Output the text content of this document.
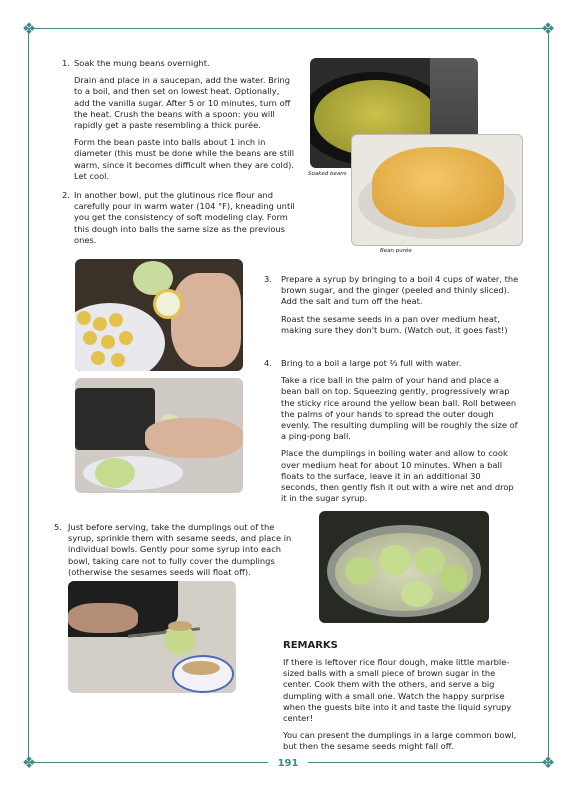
❖	❖
❖	❖
1. Soak the mung beans overnight.

Drain and place in a saucepan, add the water. Bring to a boil, and then set on lowest heat. Optionally, add the vanilla sugar. After 5 or 10 minutes, turn off the heat. Crush the beans with a spoon: you will rapidly get a paste resembling a thick purée.

Form the bean paste into balls about 1 inch in diameter (this must be done while the beans are still warm, since it becomes difficult when they are cold). Let cool.

2. In another bowl, put the glutinous rice flour and carefully pour in warm water (104 °F), kneading until you get the consistency of soft modeling clay. Form this dough into balls the same size as the previous ones.

Soaked beans
Bean purée
3. Prepare a syrup by bringing to a boil 4 cups of water, the brown sugar, and the ginger (peeled and thinly sliced). Add the salt and turn off the heat.

Roast the sesame seeds in a pan over medium heat, making sure they don't burn. (Watch out, it goes fast!)

4. Bring to a boil a large pot ⅔ full with water.

Take a rice ball in the palm of your hand and place a bean ball on top. Squeezing gently, progressively wrap the sticky rice around the yellow bean ball. Roll between the palms of your hands to spread the outer dough evenly. The resulting dumpling will be roughly the size of a ping-pong ball.

Place the dumplings in boiling water and allow to cook over medium heat for about 10 minutes. When a ball floats to the surface, leave it in an additional 30 seconds, then gently fish it out with a wire net and drop it in the sugar syrup.

5. Just before serving, take the dumplings out of the syrup, sprinkle them with sesame seeds, and place in individual bowls. Gently pour some syrup into each bowl, taking care not to fully cover the dumplings (otherwise the sesames seeds will float off).

REMARKS

If there is leftover rice flour dough, make little marble-sized balls with a small piece of brown sugar in the center. Cook them with the others, and serve a big dumpling with a small one. Watch the happy surprise when the guests bite into it and taste the liquid syrupy center!

You can present the dumplings in a large common bowl, but then the sesame seeds might fall off.

191
